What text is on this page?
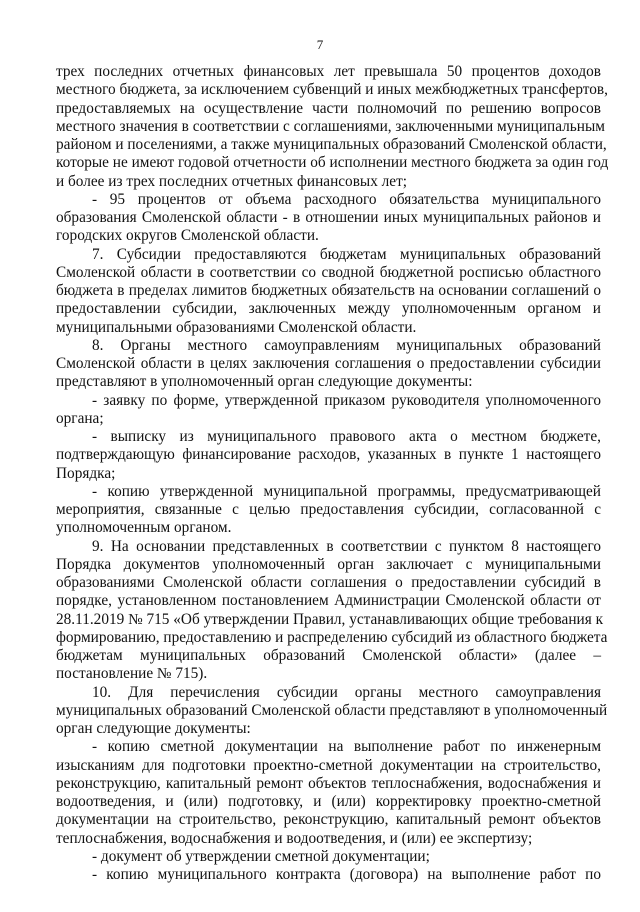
7
трех последних отчетных финансовых лет превышала 50 процентов доходов
местного бюджета, за исключением субвенций и иных межбюджетных трансфертов,
предоставляемых на осуществление части полномочий по решению вопросов
местного значения в соответствии с соглашениями, заключенными муниципальным
районом и поселениями, а также муниципальных образований Смоленской области,
которые не имеют годовой отчетности об исполнении местного бюджета за один год
и более из трех последних отчетных финансовых лет;
- 95 процентов от объема расходного обязательства муниципального
образования Смоленской области - в отношении иных муниципальных районов и
городских округов Смоленской области.
7. Субсидии предоставляются бюджетам муниципальных образований
Смоленской области в соответствии со сводной бюджетной росписью областного
бюджета в пределах лимитов бюджетных обязательств на основании соглашений о
предоставлении субсидии, заключенных между уполномоченным органом и
муниципальными образованиями Смоленской области.
8. Органы местного самоуправлениям муниципальных образований
Смоленской области в целях заключения соглашения о предоставлении субсидии
представляют в уполномоченный орган следующие документы:
- заявку по форме, утвержденной приказом руководителя уполномоченного
органа;
- выписку из муниципального правового акта о местном бюджете,
подтверждающую финансирование расходов, указанных в пункте 1 настоящего
Порядка;
- копию утвержденной муниципальной программы, предусматривающей
мероприятия, связанные с целью предоставления субсидии, согласованной с
уполномоченным органом.
9. На основании представленных в соответствии с пунктом 8 настоящего
Порядка документов уполномоченный орган заключает с муниципальными
образованиями Смоленской области соглашения о предоставлении субсидий в
порядке, установленном постановлением Администрации Смоленской области от
28.11.2019 № 715 «Об утверждении Правил, устанавливающих общие требования к
формированию, предоставлению и распределению субсидий из областного бюджета
бюджетам муниципальных образований Смоленской области» (далее –
постановление № 715).
10. Для перечисления субсидии органы местного самоуправления
муниципальных образований Смоленской области представляют в уполномоченный
орган следующие документы:
- копию сметной документации на выполнение работ по инженерным
изысканиям для подготовки проектно-сметной документации на строительство,
реконструкцию, капитальный ремонт объектов теплоснабжения, водоснабжения и
водоотведения, и (или) подготовку, и (или) корректировку проектно-сметной
документации на строительство, реконструкцию, капитальный ремонт объектов
теплоснабжения, водоснабжения и водоотведения, и (или) ее экспертизу;
- документ об утверждении сметной документации;
- копию муниципального контракта (договора) на выполнение работ по
